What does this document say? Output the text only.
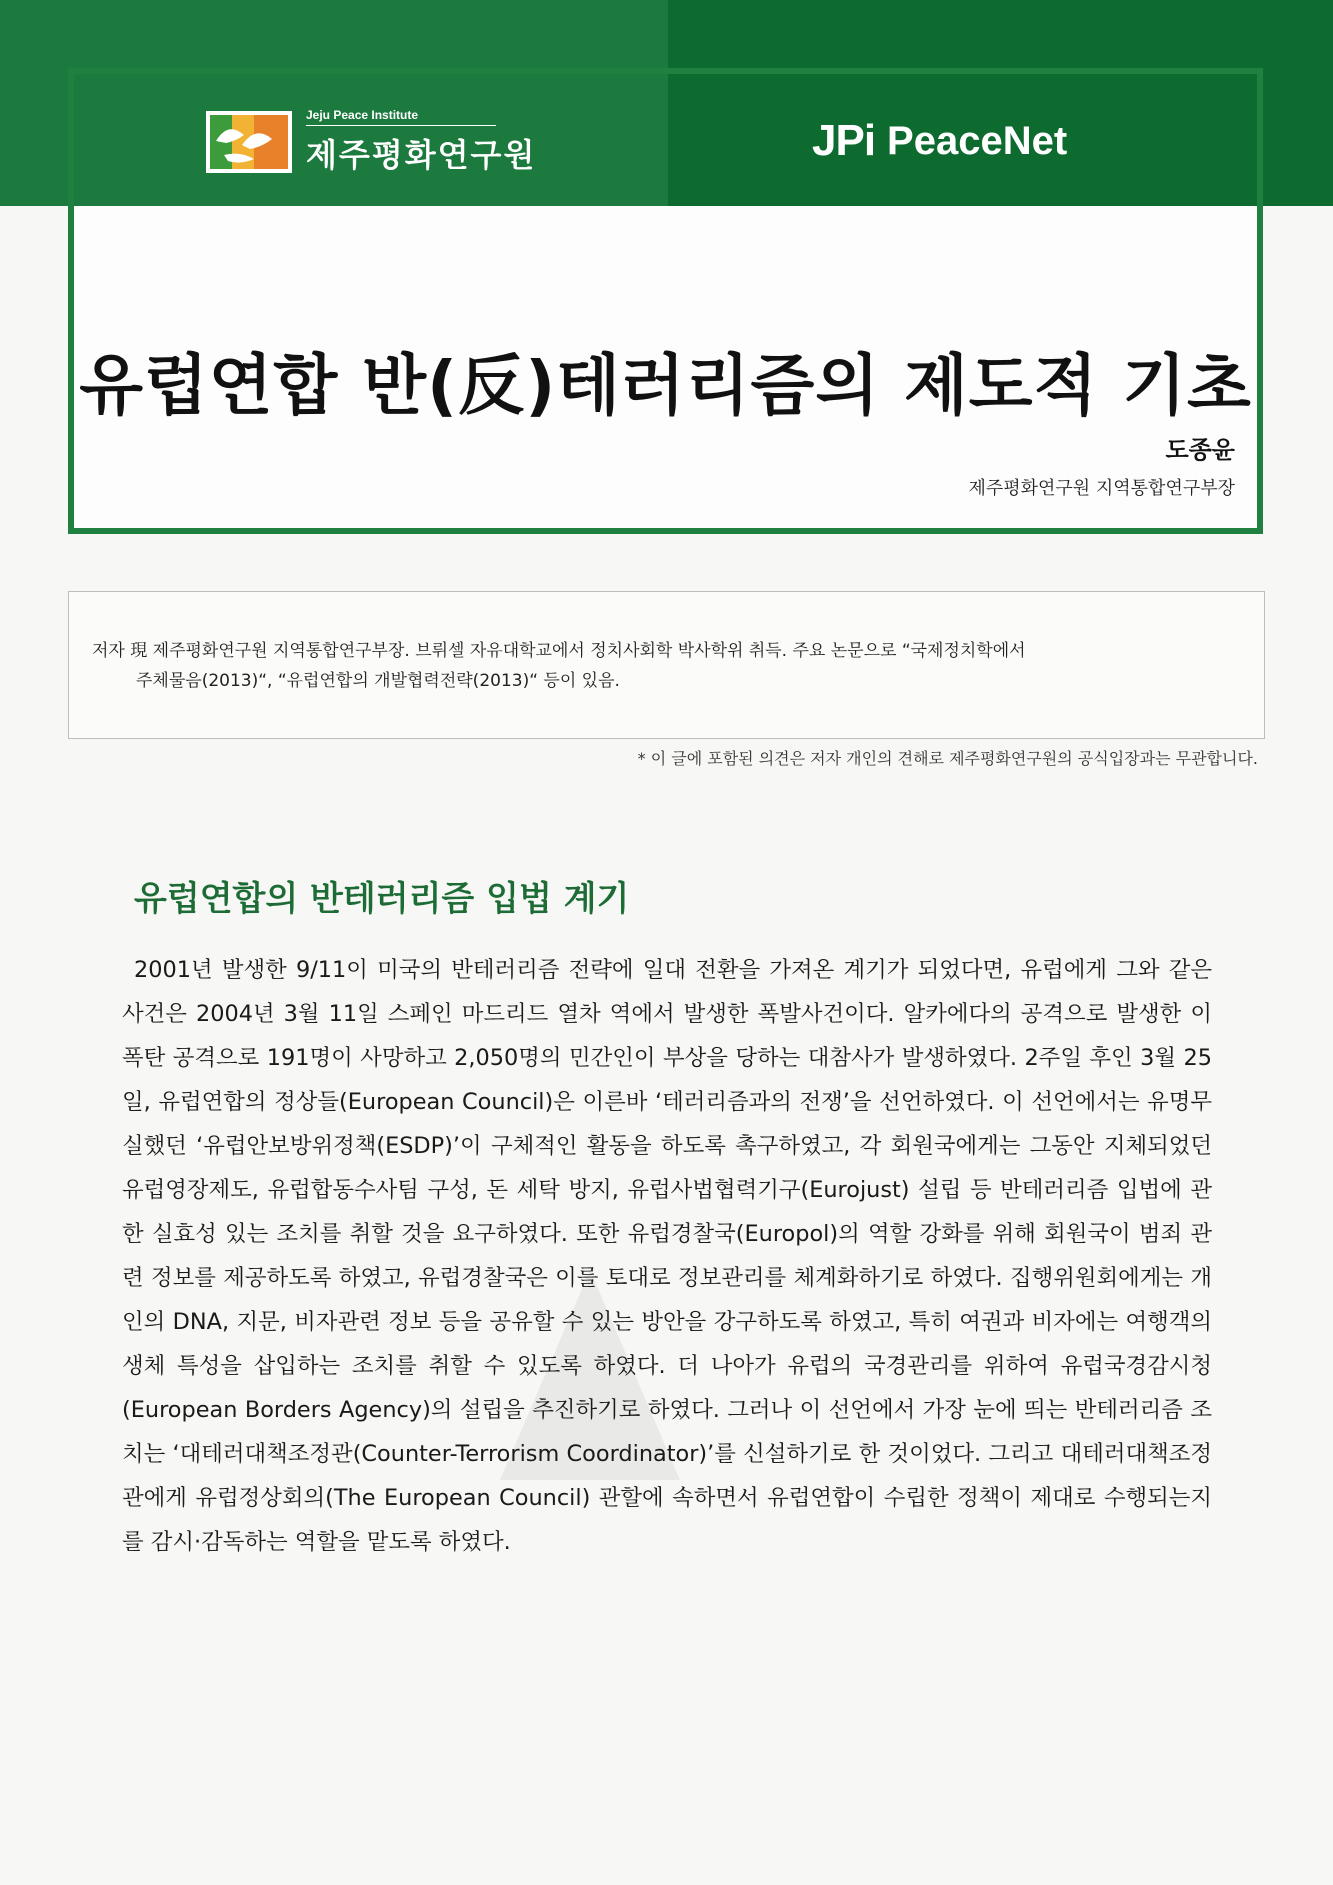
Jeju Peace Institute
제주평화연구원	JPi PeaceNet
유럽연합 반(反)테러리즘의 제도적 기초
도종윤
제주평화연구원 지역통합연구부장
저자 現 제주평화연구원 지역통합연구부장. 브뤼셀 자유대학교에서 정치사회학 박사학위 취득. 주요 논문으로 “국제정치학에서
주체물음(2013)“, “유럽연합의 개발협력전략(2013)“ 등이 있음.
* 이 글에 포함된 의견은 저자 개인의 견해로 제주평화연구원의 공식입장과는 무관합니다.
유럽연합의 반테러리즘 입법 계기
2001년 발생한 9/11이 미국의 반테러리즘 전략에 일대 전환을 가져온 계기가 되었다면, 유럽에게 그와 같은 사건은 2004년 3월 11일 스페인 마드리드 열차 역에서 발생한 폭발사건이다. 알카에다의 공격으로 발생한 이 폭탄 공격으로 191명이 사망하고 2,050명의 민간인이 부상을 당하는 대참사가 발생하였다. 2주일 후인 3월 25일, 유럽연합의 정상들(European Council)은 이른바 ‘테러리즘과의 전쟁’을 선언하였다. 이 선언에서는 유명무실했던 ‘유럽안보방위정책(ESDP)’이 구체적인 활동을 하도록 촉구하였고, 각 회원국에게는 그동안 지체되었던 유럽영장제도, 유럽합동수사팀 구성, 돈 세탁 방지, 유럽사법협력기구(Eurojust) 설립 등 반테러리즘 입법에 관한 실효성 있는 조치를 취할 것을 요구하였다. 또한 유럽경찰국(Europol)의 역할 강화를 위해 회원국이 범죄 관련 정보를 제공하도록 하였고, 유럽경찰국은 이를 토대로 정보관리를 체계화하기로 하였다. 집행위원회에게는 개인의 DNA, 지문, 비자관련 정보 등을 공유할 수 있는 방안을 강구하도록 하였고, 특히 여권과 비자에는 여행객의 생체 특성을 삽입하는 조치를 취할 수 있도록 하였다. 더 나아가 유럽의 국경관리를 위하여 유럽국경감시청(European Borders Agency)의 설립을 추진하기로 하였다. 그러나 이 선언에서 가장 눈에 띄는 반테러리즘 조치는 ‘대테러대책조정관(Counter-Terrorism Coordinator)’를 신설하기로 한 것이었다. 그리고 대테러대책조정관에게 유럽정상회의(The European Council) 관할에 속하면서 유럽연합이 수립한 정책이 제대로 수행되는지를 감시·감독하는 역할을 맡도록 하였다.
